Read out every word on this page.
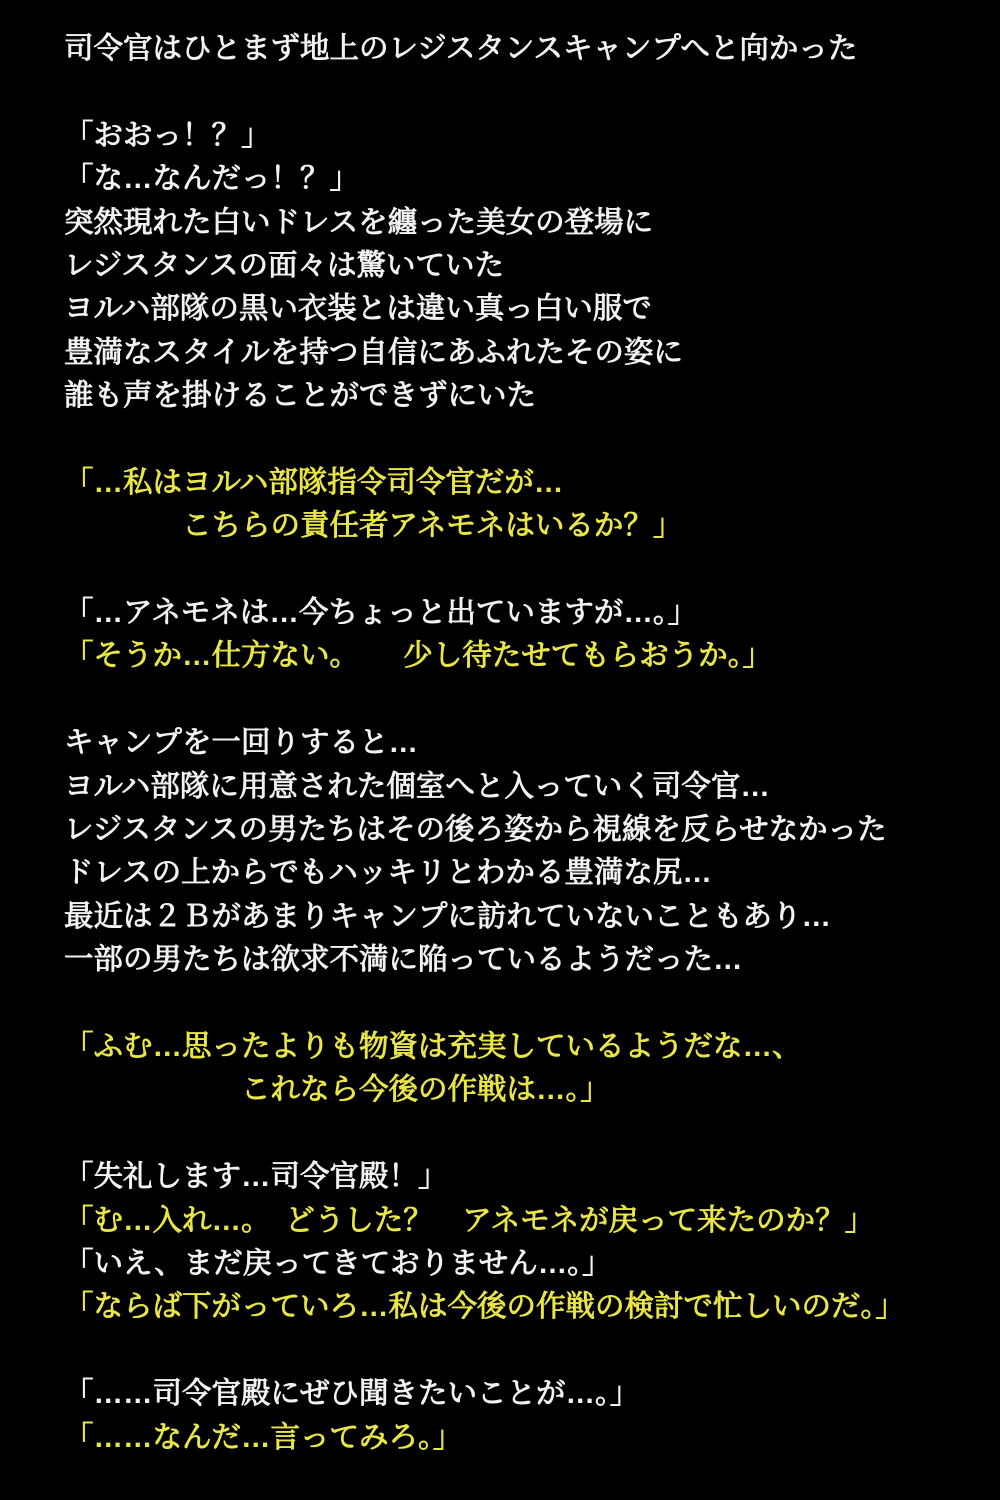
司令官はひとまず地上のレジスタンスキャンプへと向かった

「おおっ！？」
「な…なんだっ！？」
突然現れた白いドレスを纏った美女の登場に
レジスタンスの面々は驚いていた
ヨルハ部隊の黒い衣装とは違い真っ白い服で
豊満なスタイルを持つ自信にあふれたその姿に
誰も声を掛けることができずにいた

「…私はヨルハ部隊指令司令官だが…
　　　　こちらの責任者アネモネはいるか？」

「…アネモネは…今ちょっと出ていますが…。」
「そうか…仕方ない。　　少し待たせてもらおうか。」

キャンプを一回りすると…
ヨルハ部隊に用意された個室へと入っていく司令官…
レジスタンスの男たちはその後ろ姿から視線を反らせなかった
ドレスの上からでもハッキリとわかる豊満な尻…
最近は２Ｂがあまりキャンプに訪れていないこともあり…
一部の男たちは欲求不満に陥っているようだった…

「ふむ…思ったよりも物資は充実しているようだな…、
　　　　　　これなら今後の作戦は…。」

「失礼します…司令官殿！」
「む…入れ…。　どうした？　アネモネが戻って来たのか？」
「いえ、まだ戻ってきておりません…。」
「ならば下がっていろ…私は今後の作戦の検討で忙しいのだ。」

「……司令官殿にぜひ聞きたいことが…。」
「……なんだ…言ってみろ。」
